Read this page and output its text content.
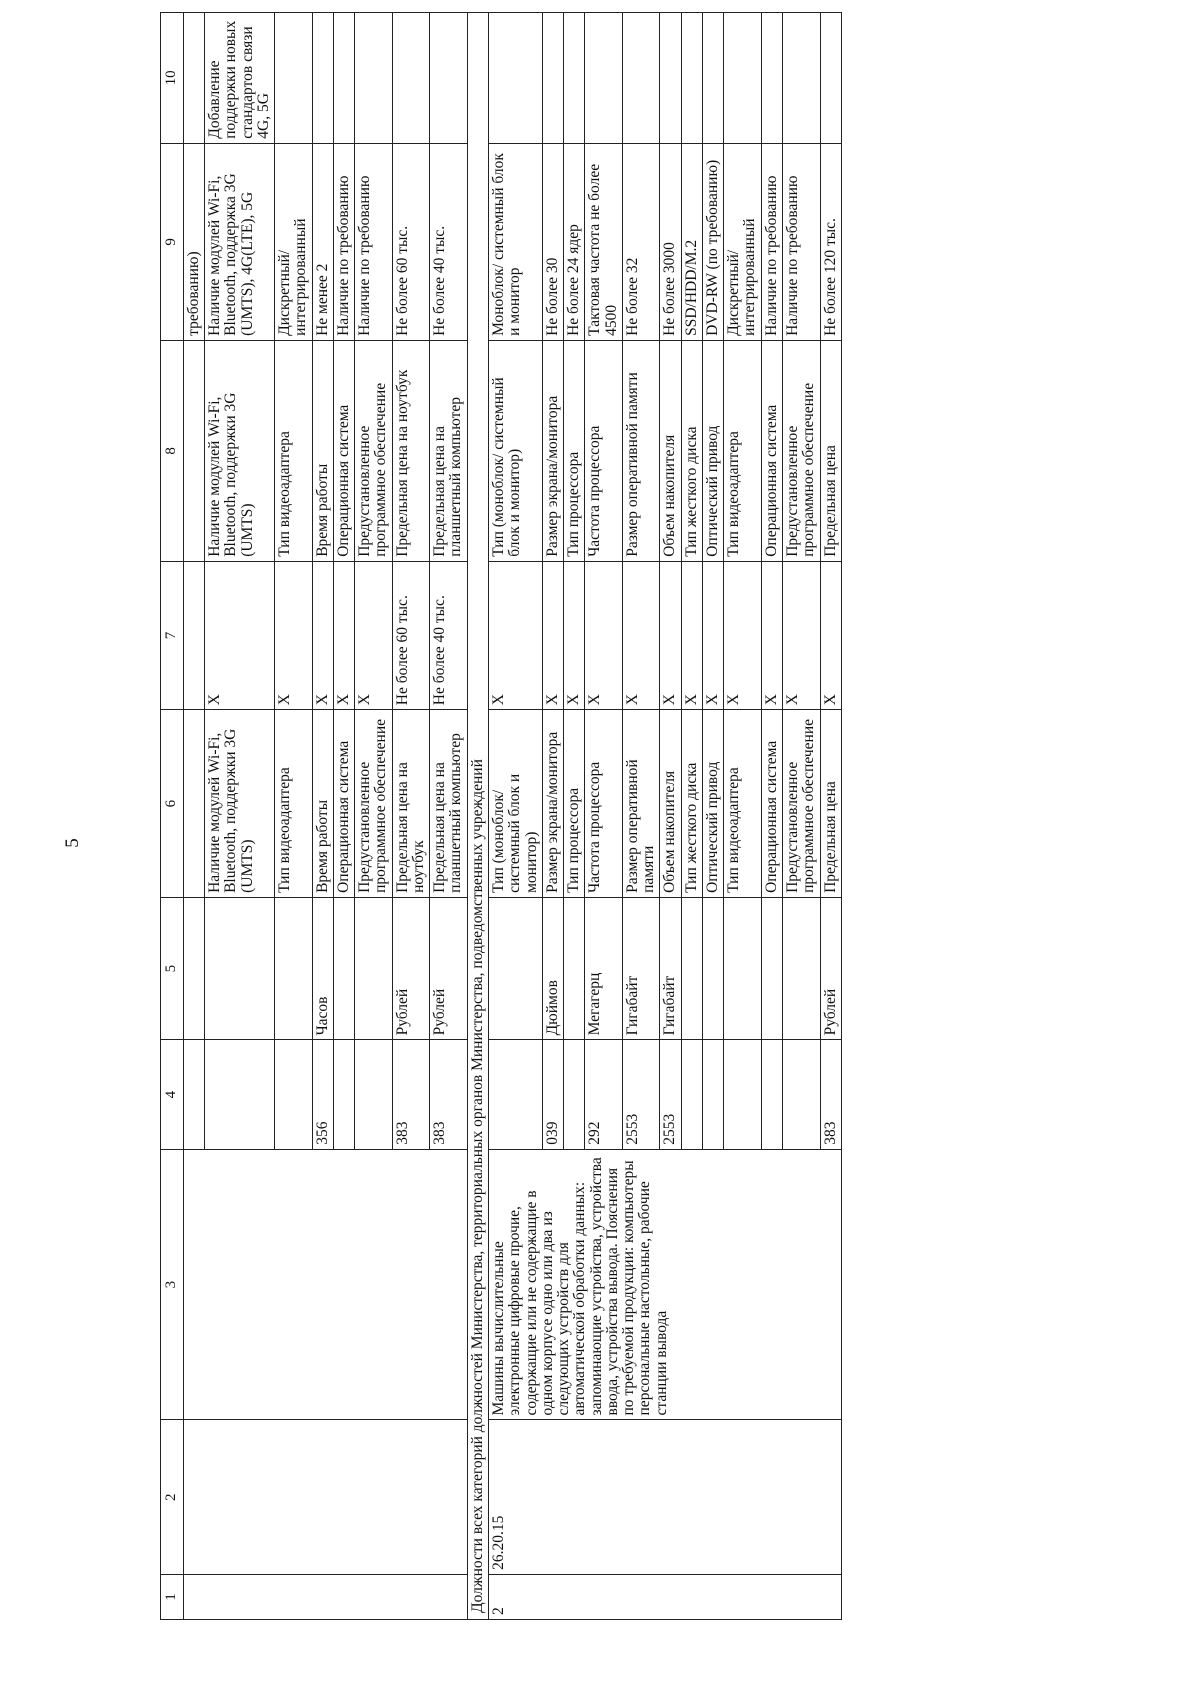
5
1	2	3	4	5	6	7	8	9	10
								требованию)	
					Наличие модулей Wi-Fi, Bluetooth, поддержки 3G (UMTS)	X	Наличие модулей Wi-Fi, Bluetooth, поддержки 3G (UMTS)	Наличие модулей Wi-Fi, Bluetooth, поддержка 3G (UMTS), 4G(LTE), 5G	Добавление поддержки новых стандартов связи 4G, 5G
					Тип видеоадаптера	X	Тип видеоадаптера	Дискретный/ интегрированный	
			356	Часов	Время работы	X	Время работы	Не менее 2	
					Операционная система	X	Операционная система	Наличие по требованию	
					Предустановленное программное обеспечение	X	Предустановленное программное обеспечение	Наличие по требованию	
			383	Рублей	Предельная цена на ноутбук	Не более 60 тыс.	Предельная цена на ноутбук	Не более 60 тыс.	
			383	Рублей	Предельная цена на планшетный компьютер	Не более 40 тыс.	Предельная цена на планшетный компьютер	Не более 40 тыс.	
Должности всех категорий должностей Министерства, территориальных органов Министерства, подведомственных учреждений									
2	26.20.15	Машины вычислительные электронные цифровые прочие, содержащие или не содержащие в одном корпусе одно или два из следующих устройств для автоматической обработки данных: запоминающие устройства, устройства ввода, устройства вывода. Пояснения по требуемой продукции: компьютеры персональные настольные, рабочие станции вывода			Тип (моноблок/ системный блок и монитор)	X	Тип (моноблок/ системный блок и монитор)	Моноблок/ системный блок и монитор	
			039	Дюймов	Размер экрана/монитора	X	Размер экрана/монитора	Не более 30	
					Тип процессора	X	Тип процессора	Не более 24 ядер	
			292	Мегагерц	Частота процессора	X	Частота процессора	Тактовая частота не более 4500	
			2553	Гигабайт	Размер оперативной памяти	X	Размер оперативной памяти	Не более 32	
			2553	Гигабайт	Объем накопителя	X	Объем накопителя	Не более 3000	
					Тип жесткого диска	X	Тип жесткого диска	SSD/HDD/M.2	
					Оптический привод	X	Оптический привод	DVD-RW (по требованию)	
					Тип видеоадаптера	X	Тип видеоадаптера	Дискретный/ интегрированный	
					Операционная система	X	Операционная система	Наличие по требованию	
					Предустановленное программное обеспечение	X	Предустановленное программное обеспечение	Наличие по требованию	
			383	Рублей	Предельная цена	X	Предельная цена	Не более 120 тыс.	
